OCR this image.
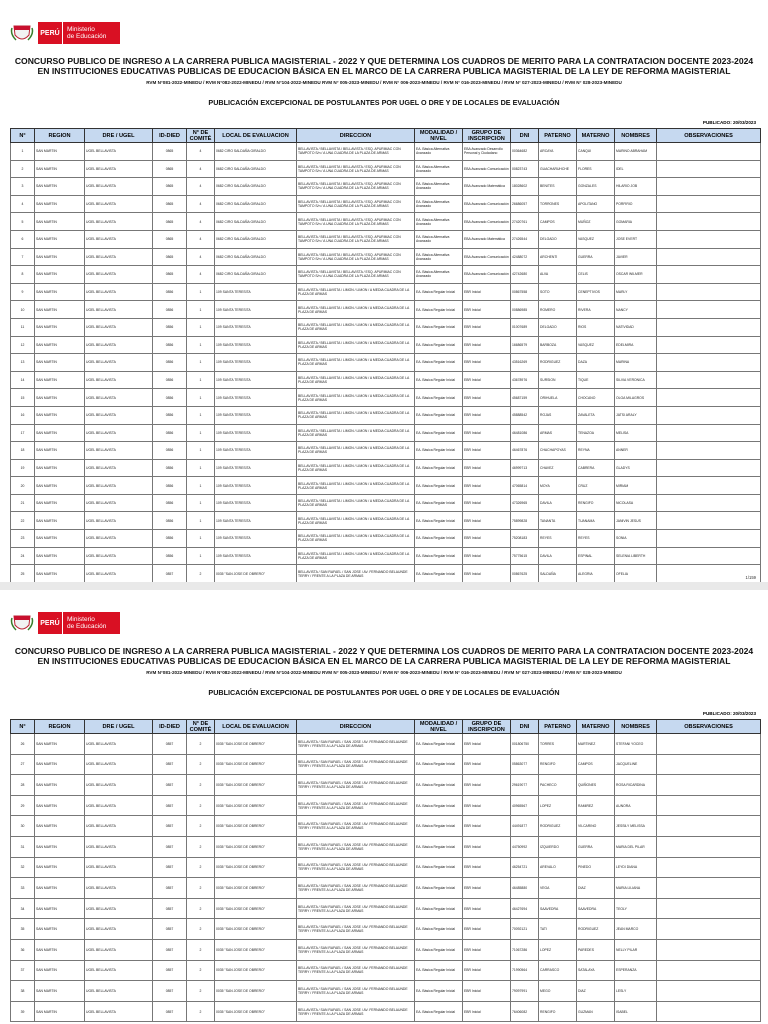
PERÚ	Ministerio
de Educación
CONCURSO PUBLICO DE INGRESO A LA CARRERA PUBLICA MAGISTERIAL - 2022 Y QUE DETERMINA LOS CUADROS DE MERITO PARA LA CONTRATACION DOCENTE 2023-2024
EN INSTITUCIONES EDUCATIVAS PUBLICAS DE EDUCACION BÁSICA EN EL MARCO DE LA CARRERA PUBLICA MAGISTERIAL DE LA LEY DE REFORMA MAGISTERIAL
RVM N°081-2022-MINEDU / RVM N°082-2022-MINEDU / RVM N°104-2022-MINEDU RVM N° 005-2023-MINEDU / RVM N° 006-2023-MINEDU / RVM N° 016-2023-MINEDU / RVM N° 027-2023-MINEDU / RVM N° 028-2023-MINEDU
PUBLICACIÓN EXCEPCIONAL DE POSTULANTES POR UGEL O DRE Y DE LOCALES DE EVALUACIÓN
PUBLICADO: 20/03/2023
N°	REGION	DRE / UGEL	ID-DIED	N° DE COMITÉ	LOCAL DE EVALUACION	DIRECCION	MODALIDAD / NIVEL	GRUPO DE INSCRIPCION	DNI	PATERNO	MATERNO	NOMBRES	OBSERVACIONES
1	SAN MARTIN	UGEL BELLAVISTA	0865	4	0682 CIRO SALDAÑA GIRALDO	BELLAVISTA / BELLAVISTA / BELLAVISTA / ESQ. APURIMAC CON TAMPOTO S/n / A UNA CUADRA DE LA PLAZA DE ARMAS	EA. Básica Alternativa Avanzado	EBA Avanzado Desarrollo Personal y Ciudadano	00364682	ARCAYA	CANQUI	MARINO ABRAHAM	
2	SAN MARTIN	UGEL BELLAVISTA	0865	4	0682 CIRO SALDAÑA GIRALDO	BELLAVISTA / BELLAVISTA / BELLAVISTA / ESQ. APURIMAC CON TAMPOTO S/n / A UNA CUADRA DE LA PLAZA DE ARMAS	EA. Básica Alternativa Avanzado	EBA Avanzado Comunicación	00823743	GUACHARUHCHE	FLORES	IDEL	
3	SAN MARTIN	UGEL BELLAVISTA	0865	4	0682 CIRO SALDAÑA GIRALDO	BELLAVISTA / BELLAVISTA / BELLAVISTA / ESQ. APURIMAC CON TAMPOTO S/n / A UNA CUADRA DE LA PLAZA DE ARMAS	EA. Básica Alternativa Avanzado	EBA Avanzado Matemática	18028602	BENITES	GONZALES	HILARIO JOB	
4	SAN MARTIN	UGEL BELLAVISTA	0865	4	0682 CIRO SALDAÑA GIRALDO	BELLAVISTA / BELLAVISTA / BELLAVISTA / ESQ. APURIMAC CON TAMPOTO S/n / A UNA CUADRA DE LA PLAZA DE ARMAS	EA. Básica Alternativa Avanzado	EBA Avanzado Comunicación	26686057	TORRONES	APOLITANO	PORFIRIO	
5	SAN MARTIN	UGEL BELLAVISTA	0865	4	0682 CIRO SALDAÑA GIRALDO	BELLAVISTA / BELLAVISTA / BELLAVISTA / ESQ. APURIMAC CON TAMPOTO S/n / A UNA CUADRA DE LA PLAZA DE ARMAS	EA. Básica Alternativa Avanzado	EBA Avanzado Comunicación	27420761	CAMPOS	MUÑOZ	GOMARIA	
6	SAN MARTIN	UGEL BELLAVISTA	0865	4	0682 CIRO SALDAÑA GIRALDO	BELLAVISTA / BELLAVISTA / BELLAVISTA / ESQ. APURIMAC CON TAMPOTO S/n / A UNA CUADRA DE LA PLAZA DE ARMAS	EA. Básica Alternativa Avanzado	EBA Avanzado Matemática	27426544	DELGADO	VASQUEZ	JOSE EVERT	
7	SAN MARTIN	UGEL BELLAVISTA	0865	4	0682 CIRO SALDAÑA GIRALDO	BELLAVISTA / BELLAVISTA / BELLAVISTA / ESQ. APURIMAC CON TAMPOTO S/n / A UNA CUADRA DE LA PLAZA DE ARMAS	EA. Básica Alternativa Avanzado	EBA Avanzado Comunicación	42488072	ARCHENTI	GUERRA	JAVIER	
8	SAN MARTIN	UGEL BELLAVISTA	0865	4	0682 CIRO SALDAÑA GIRALDO	BELLAVISTA / BELLAVISTA / BELLAVISTA / ESQ. APURIMAC CON TAMPOTO S/n / A UNA CUADRA DE LA PLAZA DE ARMAS	EA. Básica Alternativa Avanzado	EBA Avanzado Comunicación	42742680	ALVA	CELIS	OSCAR WILMER	
9	SAN MARTIN	UGEL BELLAVISTA	0856	1	109 SANTA TERESITA	BELLAVISTA / BELLAVISTA / LIMON / LIMON / A MEDIA CUADRA DE LA PLAZA DE ARMAS	EA. Básica Regular Inicial	EBR Inicial	00867558	SOTO	CENEPTIVOS	MARLY	
10	SAN MARTIN	UGEL BELLAVISTA	0856	1	109 SANTA TERESITA	BELLAVISTA / BELLAVISTA / LIMON / LIMON / A MEDIA CUADRA DE LA PLAZA DE ARMAS	EA. Básica Regular Inicial	EBR Inicial	00886985	ROMERO	RIVERA	NANCY	
11	SAN MARTIN	UGEL BELLAVISTA	0856	1	109 SANTA TERESITA	BELLAVISTA / BELLAVISTA / LIMON / LIMON / A MEDIA CUADRA DE LA PLAZA DE ARMAS	EA. Básica Regular Inicial	EBR Inicial	01007689	DELGADO	RIOS	NATIVIDAD	
12	SAN MARTIN	UGEL BELLAVISTA	0856	1	109 SANTA TERESITA	BELLAVISTA / BELLAVISTA / LIMON / LIMON / A MEDIA CUADRA DE LA PLAZA DE ARMAS	EA. Básica Regular Inicial	EBR Inicial	16686579	BARBOZA	VASQUEZ	EDELMIRA	
13	SAN MARTIN	UGEL BELLAVISTA	0856	1	109 SANTA TERESITA	BELLAVISTA / BELLAVISTA / LIMON / LIMON / A MEDIA CUADRA DE LA PLAZA DE ARMAS	EA. Básica Regular Inicial	EBR Inicial	43516269	RODRIGUEZ	DAZA	MARINA	
14	SAN MARTIN	UGEL BELLAVISTA	0856	1	109 SANTA TERESITA	BELLAVISTA / BELLAVISTA / LIMON / LIMON / A MEDIA CUADRA DE LA PLAZA DE ARMAS	EA. Básica Regular Inicial	EBR Inicial	43678976	SURSION	TIQUE	SILVIA VERONICA	
15	SAN MARTIN	UGEL BELLAVISTA	0856	1	109 SANTA TERESITA	BELLAVISTA / BELLAVISTA / LIMON / LIMON / A MEDIA CUADRA DE LA PLAZA DE ARMAS	EA. Básica Regular Inicial	EBR Inicial	45687159	ORIHUELA	CHOCANO	OLGA MILAGROS	
16	SAN MARTIN	UGEL BELLAVISTA	0856	1	109 SANTA TERESITA	BELLAVISTA / BELLAVISTA / LIMON / LIMON / A MEDIA CUADRA DE LA PLAZA DE ARMAS	EA. Básica Regular Inicial	EBR Inicial	45888542	ROJAS	ZAVALETA	JATSI ARALY	
17	SAN MARTIN	UGEL BELLAVISTA	0856	1	109 SANTA TERESITA	BELLAVISTA / BELLAVISTA / LIMON / LIMON / A MEDIA CUADRA DE LA PLAZA DE ARMAS	EA. Básica Regular Inicial	EBR Inicial	46481086	ARMAS	TENAZOA	MELISA	
18	SAN MARTIN	UGEL BELLAVISTA	0856	1	109 SANTA TERESITA	BELLAVISTA / BELLAVISTA / LIMON / LIMON / A MEDIA CUADRA DE LA PLAZA DE ARMAS	EA. Básica Regular Inicial	EBR Inicial	46467876	CHACHAPOYAS	REYNA	ANNER	
19	SAN MARTIN	UGEL BELLAVISTA	0856	1	109 SANTA TERESITA	BELLAVISTA / BELLAVISTA / LIMON / LIMON / A MEDIA CUADRA DE LA PLAZA DE ARMAS	EA. Básica Regular Inicial	EBR Inicial	46999713	CHAVEZ	CABRERA	GLADYS	
20	SAN MARTIN	UGEL BELLAVISTA	0856	1	109 SANTA TERESITA	BELLAVISTA / BELLAVISTA / LIMON / LIMON / A MEDIA CUADRA DE LA PLAZA DE ARMAS	EA. Básica Regular Inicial	EBR Inicial	47065814	MOYA	CRUZ	MIRIAM	
21	SAN MARTIN	UGEL BELLAVISTA	0856	1	109 SANTA TERESITA	BELLAVISTA / BELLAVISTA / LIMON / LIMON / A MEDIA CUADRA DE LA PLAZA DE ARMAS	EA. Básica Regular Inicial	EBR Inicial	47326965	DAVILA	RENGIFO	NICOLASA	
22	SAN MARTIN	UGEL BELLAVISTA	0856	1	109 SANTA TERESITA	BELLAVISTA / BELLAVISTA / LIMON / LIMON / A MEDIA CUADRA DE LA PLAZA DE ARMAS	EA. Básica Regular Inicial	EBR Inicial	75899828	TANANTA	TUANAMA	JANIVIN JESUS	
23	SAN MARTIN	UGEL BELLAVISTA	0856	1	109 SANTA TERESITA	BELLAVISTA / BELLAVISTA / LIMON / LIMON / A MEDIA CUADRA DE LA PLAZA DE ARMAS	EA. Básica Regular Inicial	EBR Inicial	75208183	REYES	REYES	SONIA	
24	SAN MARTIN	UGEL BELLAVISTA	0856	1	109 SANTA TERESITA	BELLAVISTA / BELLAVISTA / LIMON / LIMON / A MEDIA CUADRA DE LA PLAZA DE ARMAS	EA. Básica Regular Inicial	EBR Inicial	75775615	DAVILA	ESPINAL	SELENIA LIBERTH	
25	SAN MARTIN	UGEL BELLAVISTA	0857	2	0035 "SAN JOSE DE OBRERO"	BELLAVISTA / SAN RAFAEL / SAN JOSE / AV. FERNANDO BELAUNDE TERRY / FRENTE A LA PLAZA DE ARMAS	EA. Básica Regular Inicial	EBR Inicial	00867625	SALDAÑA	ALEGRIA	OFELIA	
1/159
PERÚ	Ministerio
de Educación
CONCURSO PUBLICO DE INGRESO A LA CARRERA PUBLICA MAGISTERIAL - 2022 Y QUE DETERMINA LOS CUADROS DE MERITO PARA LA CONTRATACION DOCENTE 2023-2024
EN INSTITUCIONES EDUCATIVAS PUBLICAS DE EDUCACION BÁSICA EN EL MARCO DE LA CARRERA PUBLICA MAGISTERIAL DE LA LEY DE REFORMA MAGISTERIAL
RVM N°081-2022-MINEDU / RVM N°082-2022-MINEDU / RVM N°104-2022-MINEDU RVM N° 005-2023-MINEDU / RVM N° 006-2023-MINEDU / RVM N° 016-2023-MINEDU / RVM N° 027-2023-MINEDU / RVM N° 028-2023-MINEDU
PUBLICACIÓN EXCEPCIONAL DE POSTULANTES POR UGEL O DRE Y DE LOCALES DE EVALUACIÓN
PUBLICADO: 20/03/2023
N°	REGION	DRE / UGEL	ID-DIED	N° DE COMITÉ	LOCAL DE EVALUACION	DIRECCION	MODALIDAD / NIVEL	GRUPO DE INSCRIPCION	DNI	PATERNO	MATERNO	NOMBRES	OBSERVACIONES
26	SAN MARTIN	UGEL BELLAVISTA	0857	2	0035 "SAN JOSE DE OBRERO"	BELLAVISTA / SAN RAFAEL / SAN JOSE / AV. FERNANDO BELAUNDE TERRY / FRENTE A LA PLAZA DE ARMAS	EA. Básica Regular Inicial	EBR Inicial	001806750	TORRES	MARTINEZ	STEFANI YOCEO	
27	SAN MARTIN	UGEL BELLAVISTA	0857	2	0035 "SAN JOSE DE OBRERO"	BELLAVISTA / SAN RAFAEL / SAN JOSE / AV. FERNANDO BELAUNDE TERRY / FRENTE A LA PLAZA DE ARMAS	EA. Básica Regular Inicial	EBR Inicial	05863077	RENGIFO	CAMPOS	JACQUELINE	
28	SAN MARTIN	UGEL BELLAVISTA	0857	2	0035 "SAN JOSE DE OBRERO"	BELLAVISTA / SAN RAFAEL / SAN JOSE / AV. FERNANDO BELAUNDE TERRY / FRENTE A LA PLAZA DE ARMAS	EA. Básica Regular Inicial	EBR Inicial	29619077	PACHECO	QUIÑONES	ROSA RICARDINA	
29	SAN MARTIN	UGEL BELLAVISTA	0857	2	0035 "SAN JOSE DE OBRERO"	BELLAVISTA / SAN RAFAEL / SAN JOSE / AV. FERNANDO BELAUNDE TERRY / FRENTE A LA PLAZA DE ARMAS	EA. Básica Regular Inicial	EBR Inicial	40965567	LOPEZ	RAMIREZ	AUNORA	
30	SAN MARTIN	UGEL BELLAVISTA	0857	2	0035 "SAN JOSE DE OBRERO"	BELLAVISTA / SAN RAFAEL / SAN JOSE / AV. FERNANDO BELAUNDE TERRY / FRENTE A LA PLAZA DE ARMAS	EA. Básica Regular Inicial	EBR Inicial	44491877	RODRIGUEZ	VILCARINO	JESSILY MELISSA	
31	SAN MARTIN	UGEL BELLAVISTA	0857	2	0035 "SAN JOSE DE OBRERO"	BELLAVISTA / SAN RAFAEL / SAN JOSE / AV. FERNANDO BELAUNDE TERRY / FRENTE A LA PLAZA DE ARMAS	EA. Básica Regular Inicial	EBR Inicial	44750992	IZQUIERDO	GUERRA	MARIA DEL PILAR	
32	SAN MARTIN	UGEL BELLAVISTA	0857	2	0035 "SAN JOSE DE OBRERO"	BELLAVISTA / SAN RAFAEL / SAN JOSE / AV. FERNANDO BELAUNDE TERRY / FRENTE A LA PLAZA DE ARMAS	EA. Básica Regular Inicial	EBR Inicial	46254721	AREVALO	PINEDO	LEYDI DIANA	
33	SAN MARTIN	UGEL BELLAVISTA	0857	2	0035 "SAN JOSE DE OBRERO"	BELLAVISTA / SAN RAFAEL / SAN JOSE / AV. FERNANDO BELAUNDE TERRY / FRENTE A LA PLAZA DE ARMAS	EA. Básica Regular Inicial	EBR Inicial	46485880	VEGA	DIAZ	MARIA LILIANA	
34	SAN MARTIN	UGEL BELLAVISTA	0857	2	0035 "SAN JOSE DE OBRERO"	BELLAVISTA / SAN RAFAEL / SAN JOSE / AV. FERNANDO BELAUNDE TERRY / FRENTE A LA PLAZA DE ARMAS	EA. Básica Regular Inicial	EBR Inicial	46427694	SAAVEDRA	SAAVEDRA	TEOLY	
35	SAN MARTIN	UGEL BELLAVISTA	0857	2	0035 "SAN JOSE DE OBRERO"	BELLAVISTA / SAN RAFAEL / SAN JOSE / AV. FERNANDO BELAUNDE TERRY / FRENTE A LA PLAZA DE ARMAS	EA. Básica Regular Inicial	EBR Inicial	70092121	TATI	RODRIGUEZ	JEAN MARCO	
36	SAN MARTIN	UGEL BELLAVISTA	0857	2	0035 "SAN JOSE DE OBRERO"	BELLAVISTA / SAN RAFAEL / SAN JOSE / AV. FERNANDO BELAUNDE TERRY / FRENTE A LA PLAZA DE ARMAS	EA. Básica Regular Inicial	EBR Inicial	71067286	LOPEZ	PAREDES	NELLY PILAR	
37	SAN MARTIN	UGEL BELLAVISTA	0857	2	0035 "SAN JOSE DE OBRERO"	BELLAVISTA / SAN RAFAEL / SAN JOSE / AV. FERNANDO BELAUNDE TERRY / FRENTE A LA PLAZA DE ARMAS	EA. Básica Regular Inicial	EBR Inicial	71990564	CARRASCO	SATALAYA	ESPERANZA	
38	SAN MARTIN	UGEL BELLAVISTA	0857	2	0035 "SAN JOSE DE OBRERO"	BELLAVISTA / SAN RAFAEL / SAN JOSE / AV. FERNANDO BELAUNDE TERRY / FRENTE A LA PLAZA DE ARMAS	EA. Básica Regular Inicial	EBR Inicial	79097991	MEGO	DIAZ	LESLY	
39	SAN MARTIN	UGEL BELLAVISTA	0857	2	0035 "SAN JOSE DE OBRERO"	BELLAVISTA / SAN RAFAEL / SAN JOSE / AV. FERNANDO BELAUNDE TERRY / FRENTE A LA PLAZA DE ARMAS	EA. Básica Regular Inicial	EBR Inicial	76406082	RENGIFO	GUZMAN	ISABEL	
